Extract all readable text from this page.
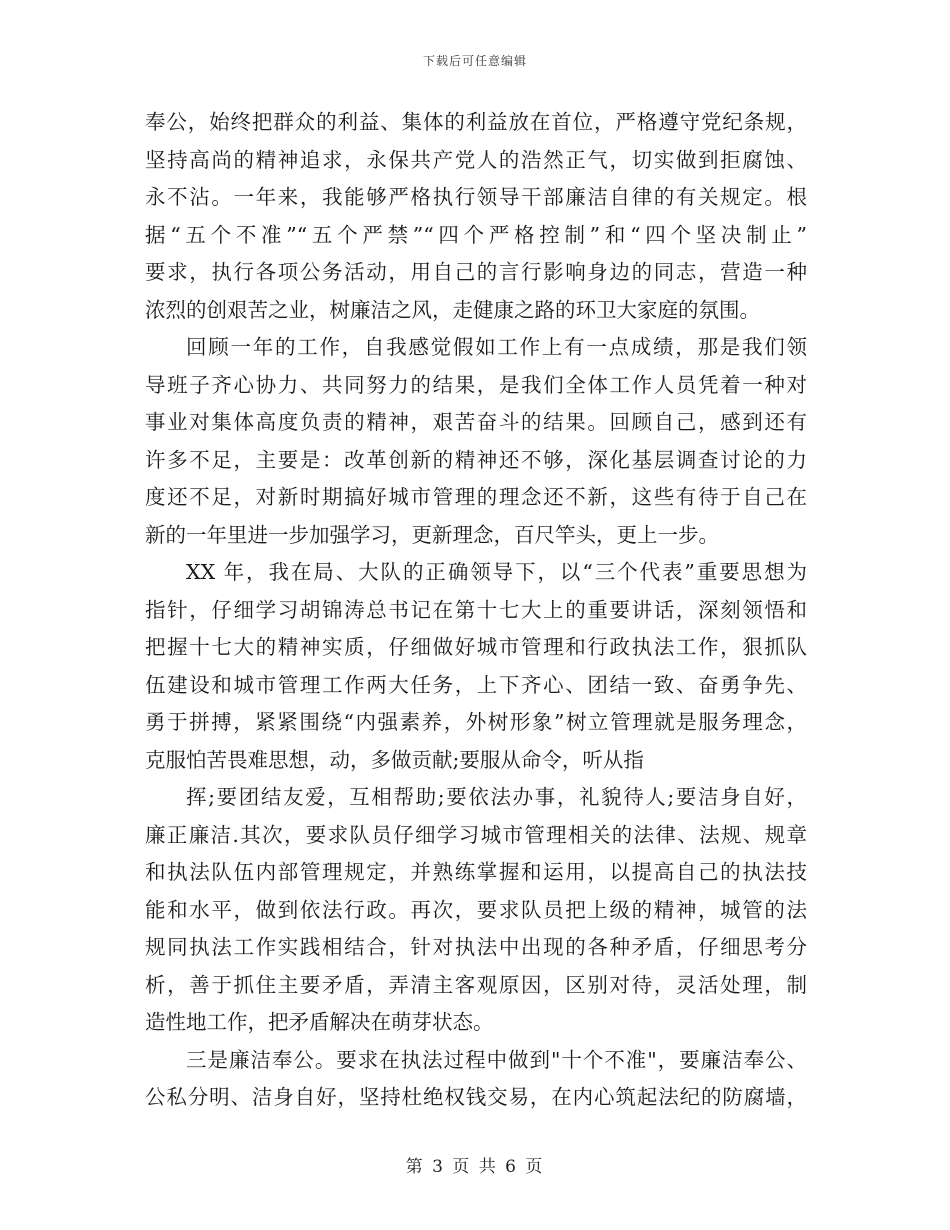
下载后可任意编辑
奉公，始终把群众的利益、集体的利益放在首位，严格遵守党纪条规，
坚持高尚的精神追求，永保共产党人的浩然正气，切实做到拒腐蚀、
永不沾。一年来，我能够严格执行领导干部廉洁自律的有关规定。根
据“五个不准”“五个严禁”“四个严格控制”和“四个坚决制止”
要求，执行各项公务活动，用自己的言行影响身边的同志，营造一种
浓烈的创艰苦之业，树廉洁之风，走健康之路的环卫大家庭的氛围。
回顾一年的工作，自我感觉假如工作上有一点成绩，那是我们领
导班子齐心协力、共同努力的结果，是我们全体工作人员凭着一种对
事业对集体高度负责的精神，艰苦奋斗的结果。回顾自己，感到还有
许多不足，主要是：改革创新的精神还不够，深化基层调查讨论的力
度还不足，对新时期搞好城市管理的理念还不新，这些有待于自己在
新的一年里进一步加强学习，更新理念，百尺竿头，更上一步。
XX 年，我在局、大队的正确领导下，以“三个代表”重要思想为
指针，仔细学习胡锦涛总书记在第十七大上的重要讲话，深刻领悟和
把握十七大的精神实质，仔细做好城市管理和行政执法工作，狠抓队
伍建设和城市管理工作两大任务，上下齐心、团结一致、奋勇争先、
勇于拼搏，紧紧围绕“内强素养，外树形象”树立管理就是服务理念，
克服怕苦畏难思想，动，多做贡献;要服从命令，听从指
挥;要团结友爱，互相帮助;要依法办事，礼貌待人;要洁身自好，
廉正廉洁.其次，要求队员仔细学习城市管理相关的法律、法规、规章
和执法队伍内部管理规定，并熟练掌握和运用，以提高自己的执法技
能和水平，做到依法行政。再次，要求队员把上级的精神，城管的法
规同执法工作实践相结合，针对执法中出现的各种矛盾，仔细思考分
析，善于抓住主要矛盾，弄清主客观原因，区别对待，灵活处理，制
造性地工作，把矛盾解决在萌芽状态。
三是廉洁奉公。要求在执法过程中做到"十个不准"，要廉洁奉公、
公私分明、洁身自好，坚持杜绝权钱交易，在内心筑起法纪的防腐墙，
第 3 页 共 6 页
